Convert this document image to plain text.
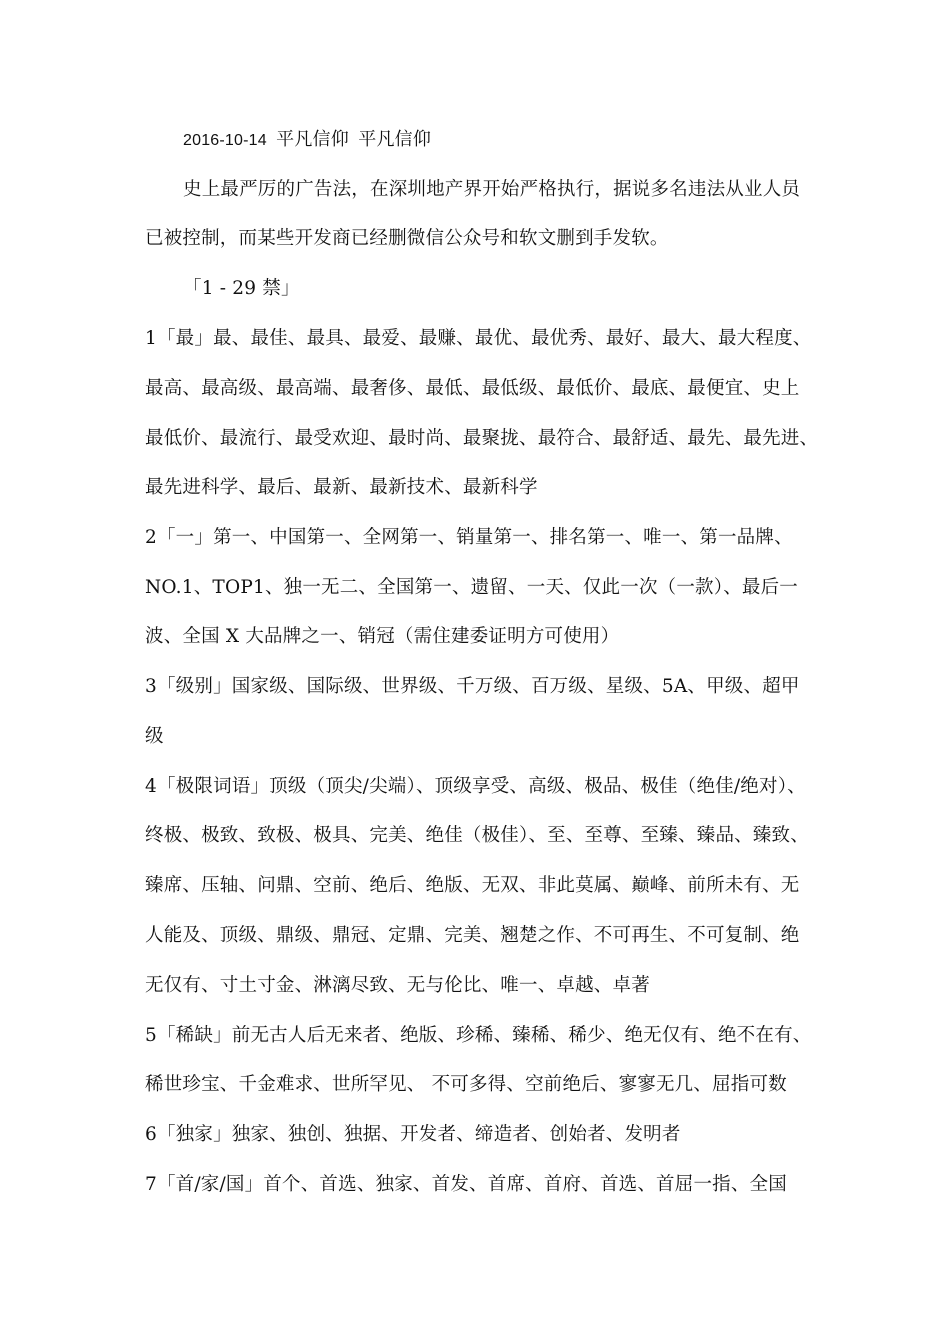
2016-10-14 平凡信仰 平凡信仰
史上最严厉的广告法，在深圳地产界开始严格执行，据说多名违法从业人员
已被控制，而某些开发商已经删微信公众号和软文删到手发软。
「1 - 29 禁」
1「最」最、最佳、最具、最爱、最赚、最优、最优秀、最好、最大、最大程度、
最高、最高级、最高端、最奢侈、最低、最低级、最低价、最底、最便宜、史上
最低价、最流行、最受欢迎、最时尚、最聚拢、最符合、最舒适、最先、最先进、
最先进科学、最后、最新、最新技术、最新科学
2「一」第一、中国第一、全网第一、销量第一、排名第一、唯一、第一品牌、
NO.1、TOP1、独一无二、全国第一、遗留、一天、仅此一次（一款）、最后一
波、全国 X 大品牌之一、销冠（需住建委证明方可使用）
3「级别」国家级、国际级、世界级、千万级、百万级、星级、5A、甲级、超甲
级
4「极限词语」顶级（顶尖/尖端）、顶级享受、高级、极品、极佳（绝佳/绝对）、
终极、极致、致极、极具、完美、绝佳（极佳）、至、至尊、至臻、臻品、臻致、
臻席、压轴、问鼎、空前、绝后、绝版、无双、非此莫属、巅峰、前所未有、无
人能及、顶级、鼎级、鼎冠、定鼎、完美、翘楚之作、不可再生、不可复制、绝
无仅有、寸土寸金、淋漓尽致、无与伦比、唯一、卓越、卓著
5「稀缺」前无古人后无来者、绝版、珍稀、臻稀、稀少、绝无仅有、绝不在有、
稀世珍宝、千金难求、世所罕见、 不可多得、空前绝后、寥寥无几、屈指可数
6「独家」独家、独创、独据、开发者、缔造者、创始者、发明者
7「首/家/国」首个、首选、独家、首发、首席、首府、首选、首屈一指、全国
